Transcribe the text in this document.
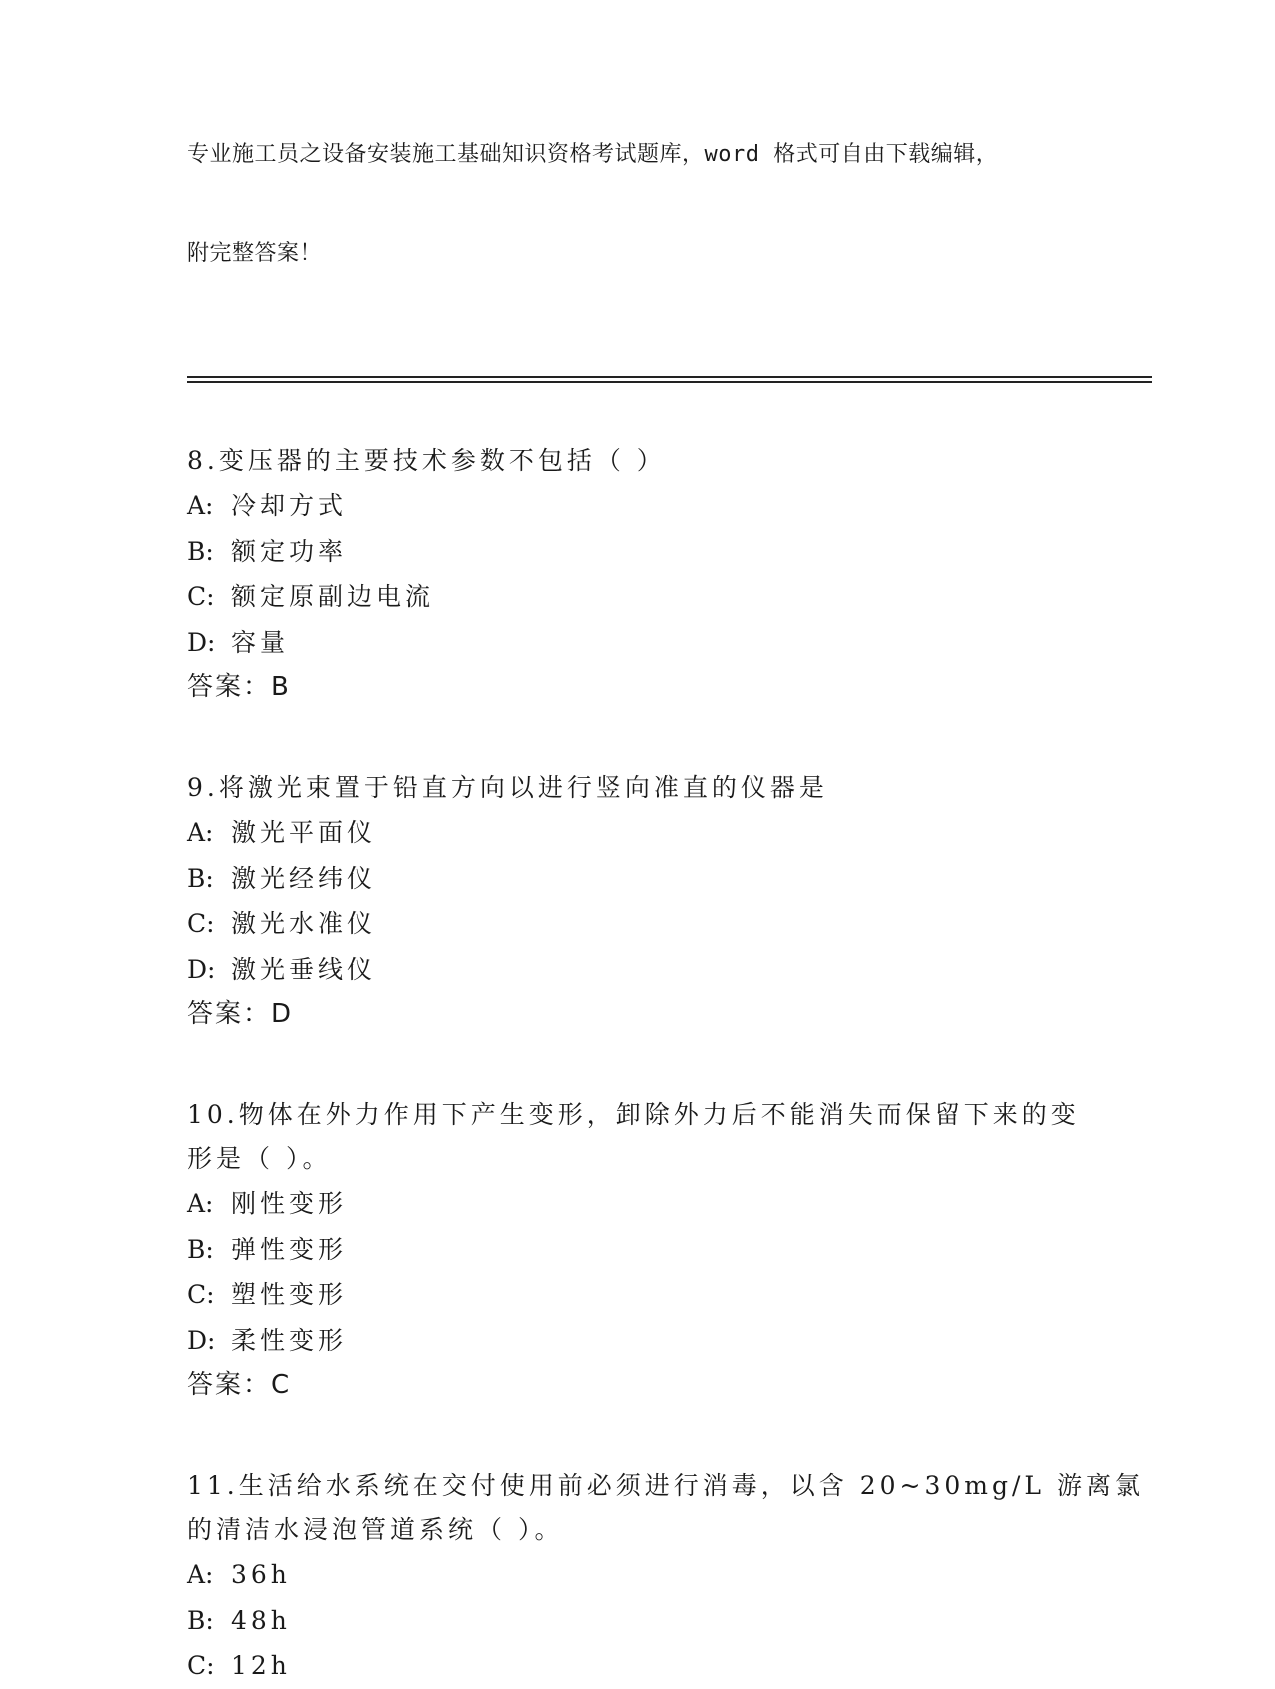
专业施工员之设备安装施工基础知识资格考试题库，word 格式可自由下载编辑，

附完整答案！

8.变压器的主要技术参数不包括（ ）
A: 冷却方式
B: 额定功率
C: 额定原副边电流
D: 容量
答案：B
9.将激光束置于铅直方向以进行竖向准直的仪器是
A: 激光平面仪
B: 激光经纬仪
C: 激光水准仪
D: 激光垂线仪
答案：D
10.物体在外力作用下产生变形，卸除外力后不能消失而保留下来的变
形是（ ）。
A: 刚性变形
B: 弹性变形
C: 塑性变形
D: 柔性变形
答案：C
11.生活给水系统在交付使用前必须进行消毒，以含 20~30mg/L 游离氯
的清洁水浸泡管道系统（ ）。
A: 36h
B: 48h
C: 12h
